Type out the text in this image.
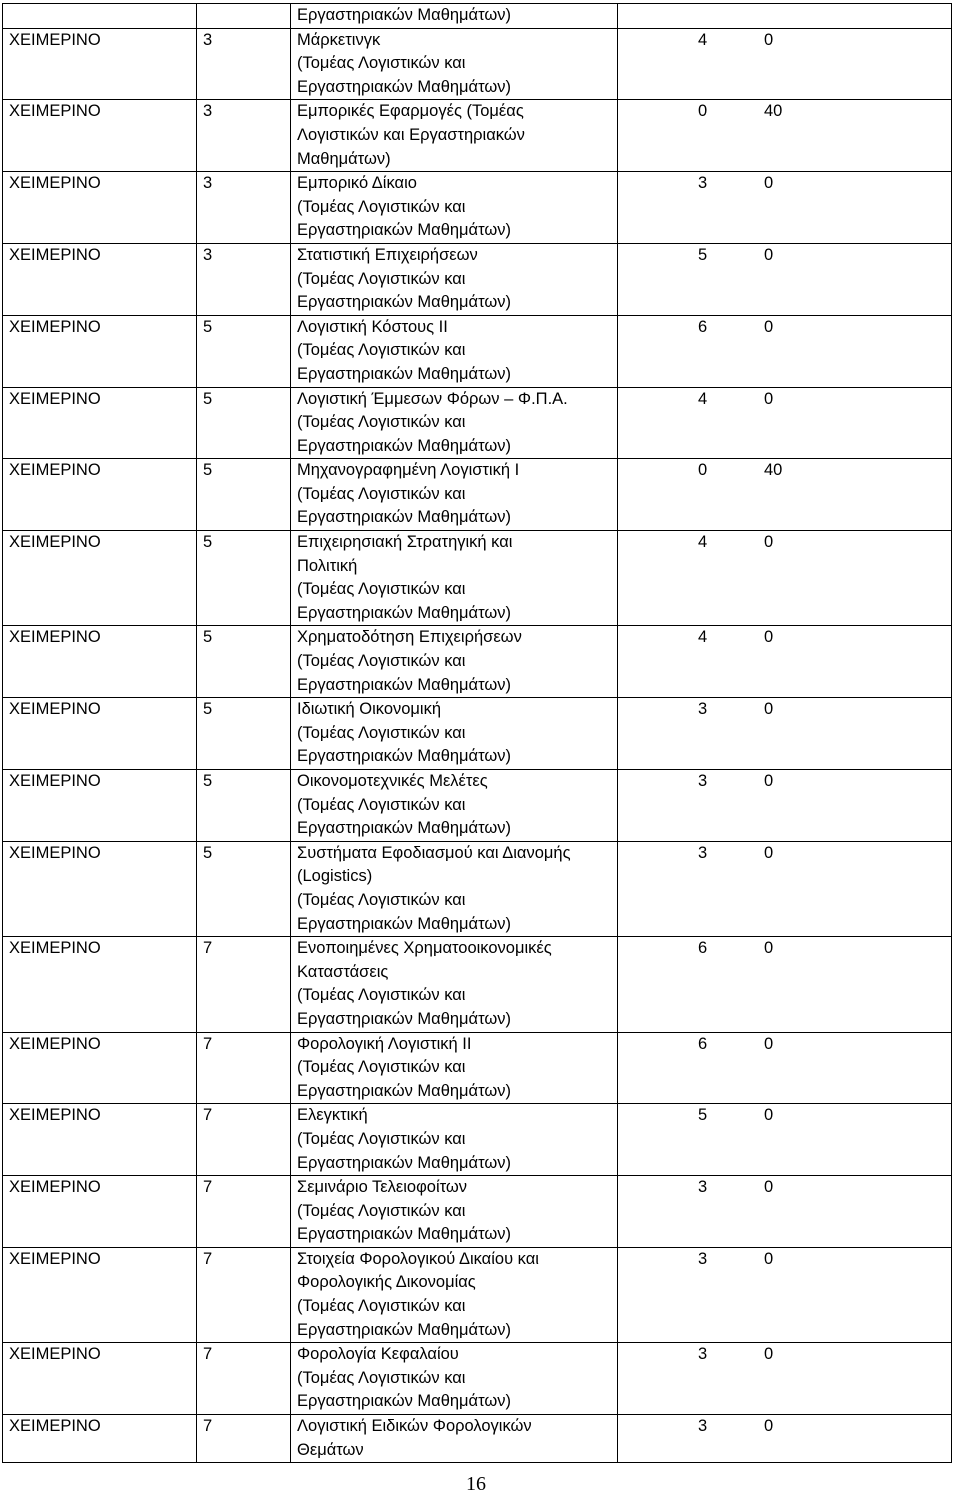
		Εργαστηριακών Μαθημάτων)	

ΧΕΙΜΕΡΙΝΟ	3	Μάρκετινγκ
(Τομέας Λογιστικών και
Εργαστηριακών Μαθημάτων)	4 0

ΧΕΙΜΕΡΙΝΟ	3	Εμπορικές Εφαρμογές (Τομέας
Λογιστικών και Εργαστηριακών
Μαθημάτων)	0 40

ΧΕΙΜΕΡΙΝΟ	3	Εμπορικό Δίκαιο
(Τομέας Λογιστικών και
Εργαστηριακών Μαθημάτων)	3 0

ΧΕΙΜΕΡΙΝΟ	3	Στατιστική Επιχειρήσεων
(Τομέας Λογιστικών και
Εργαστηριακών Μαθημάτων)	5 0

ΧΕΙΜΕΡΙΝΟ	5	Λογιστική Κόστους ΙΙ
(Τομέας Λογιστικών και
Εργαστηριακών Μαθημάτων)	6 0

ΧΕΙΜΕΡΙΝΟ	5	Λογιστική Έμμεσων Φόρων – Φ.Π.Α.
(Τομέας Λογιστικών και
Εργαστηριακών Μαθημάτων)	4 0

ΧΕΙΜΕΡΙΝΟ	5	Μηχανογραφημένη Λογιστική Ι
(Τομέας Λογιστικών και
Εργαστηριακών Μαθημάτων)	0 40

ΧΕΙΜΕΡΙΝΟ	5	Επιχειρησιακή Στρατηγική και
Πολιτική
(Τομέας Λογιστικών και
Εργαστηριακών Μαθημάτων)	4 0

ΧΕΙΜΕΡΙΝΟ	5	Χρηματοδότηση Επιχειρήσεων
(Τομέας Λογιστικών και
Εργαστηριακών Μαθημάτων)	4 0

ΧΕΙΜΕΡΙΝΟ	5	Ιδιωτική Οικονομική
(Τομέας Λογιστικών και
Εργαστηριακών Μαθημάτων)	3 0

ΧΕΙΜΕΡΙΝΟ	5	Οικονομοτεχνικές Μελέτες
(Τομέας Λογιστικών και
Εργαστηριακών Μαθημάτων)	3 0

ΧΕΙΜΕΡΙΝΟ	5	Συστήματα Εφοδιασμού και Διανομής
(Logistics)
(Τομέας Λογιστικών και
Εργαστηριακών Μαθημάτων)	3 0

ΧΕΙΜΕΡΙΝΟ	7	Ενοποιημένες Χρηματοοικονομικές
Καταστάσεις
(Τομέας Λογιστικών και
Εργαστηριακών Μαθημάτων)	6 0

ΧΕΙΜΕΡΙΝΟ	7	Φορολογική Λογιστική ΙΙ
(Τομέας Λογιστικών και
Εργαστηριακών Μαθημάτων)	6 0

ΧΕΙΜΕΡΙΝΟ	7	Ελεγκτική
(Τομέας Λογιστικών και
Εργαστηριακών Μαθημάτων)	5 0

ΧΕΙΜΕΡΙΝΟ	7	Σεμινάριο Τελειοφοίτων
(Τομέας Λογιστικών και
Εργαστηριακών Μαθημάτων)	3 0

ΧΕΙΜΕΡΙΝΟ	7	Στοιχεία Φορολογικού Δικαίου και
Φορολογικής Δικονομίας
(Τομέας Λογιστικών και
Εργαστηριακών Μαθημάτων)	3 0

ΧΕΙΜΕΡΙΝΟ	7	Φορολογία Κεφαλαίου
(Τομέας Λογιστικών και
Εργαστηριακών Μαθημάτων)	3 0

ΧΕΙΜΕΡΙΝΟ	7	Λογιστική Ειδικών Φορολογικών
Θεμάτων	3 0
16
